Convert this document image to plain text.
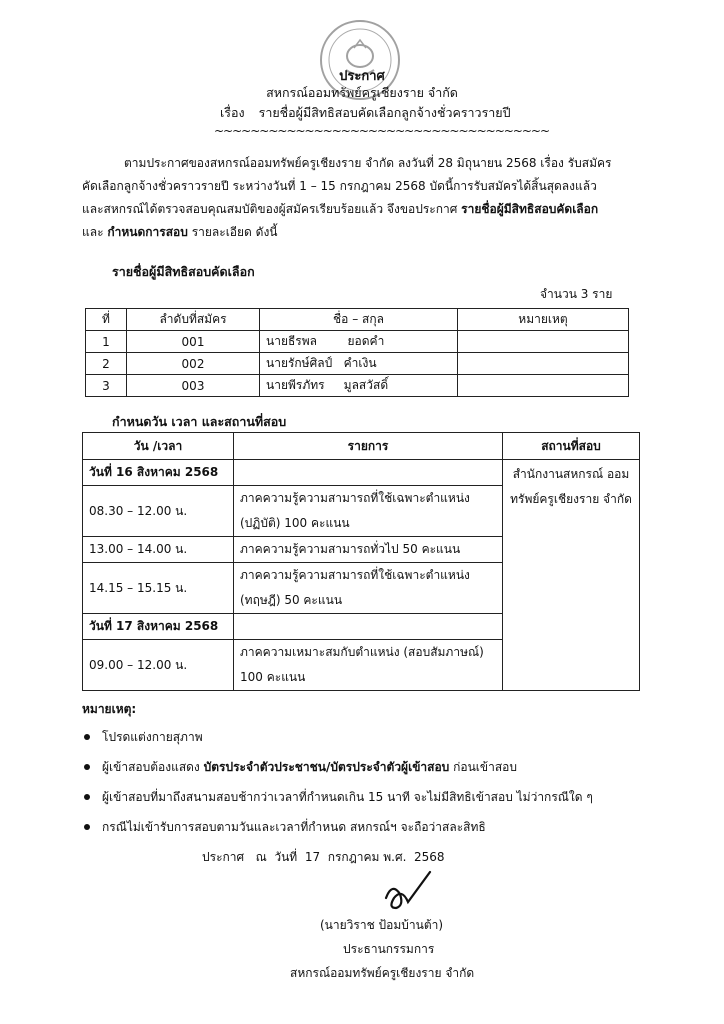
ประกาศ
สหกรณ์ออมทรัพย์ครูเชียงราย จำกัด
เรื่อง รายชื่อผู้มีสิทธิสอบคัดเลือกลูกจ้างชั่วคราวรายปี
~~~~~~~~~~~~~~~~~~~~~~~~~~~~~~~~~~~~~
ตามประกาศของสหกรณ์ออมทรัพย์ครูเชียงราย จำกัด ลงวันที่ 28 มิถุนายน 2568 เรื่อง รับสมัคร
คัดเลือกลูกจ้างชั่วคราวรายปี ระหว่างวันที่ 1 – 15 กรกฎาคม 2568 บัดนี้การรับสมัครได้สิ้นสุดลงแล้ว
และสหกรณ์ได้ตรวจสอบคุณสมบัติของผู้สมัครเรียบร้อยแล้ว จึงขอประกาศ รายชื่อผู้มีสิทธิสอบคัดเลือก
และ กำหนดการสอบ รายละเอียด ดังนี้
รายชื่อผู้มีสิทธิสอบคัดเลือก
จำนวน 3 ราย
ที่	ลำดับที่สมัคร	ชื่อ – สกุล	หมายเหตุ
1	001	นายธีรพล        ยอดคำ	
2	002	นายรักษ์ศิลป์   คำเงิน	
3	003	นายพีรภัทร     มูลสวัสดิ์	
กำหนดวัน เวลา และสถานที่สอบ
วัน /เวลา	รายการ	สถานที่สอบ
วันที่ 16 สิงหาคม 2568		สำนักงานสหกรณ์ ออมทรัพย์ครูเชียงราย จำกัด
08.30 – 12.00 น.	ภาคความรู้ความสามารถที่ใช้เฉพาะตำแหน่ง (ปฏิบัติ) 100 คะแนน	
13.00 – 14.00 น.	ภาคความรู้ความสามารถทั่วไป 50 คะแนน	
14.15 – 15.15 น.	ภาคความรู้ความสามารถที่ใช้เฉพาะตำแหน่ง (ทฤษฎี) 50 คะแนน	
วันที่ 17 สิงหาคม 2568		
09.00 – 12.00 น.	ภาคความเหมาะสมกับตำแหน่ง (สอบสัมภาษณ์) 100 คะแนน	
หมายเหตุ:
โปรดแต่งกายสุภาพ
ผู้เข้าสอบต้องแสดง บัตรประจำตัวประชาชน/บัตรประจำตัวผู้เข้าสอบ ก่อนเข้าสอบ
ผู้เข้าสอบที่มาถึงสนามสอบช้ากว่าเวลาที่กำหนดเกิน 15 นาที จะไม่มีสิทธิเข้าสอบ ไม่ว่ากรณีใด ๆ
กรณีไม่เข้ารับการสอบตามวันและเวลาที่กำหนด สหกรณ์ฯ จะถือว่าสละสิทธิ
ประกาศ   ณ  วันที่  17  กรกฎาคม พ.ศ.  2568
(นายวิราช ป้อมบ้านต้า)
ประธานกรรมการ
สหกรณ์ออมทรัพย์ครูเชียงราย จำกัด
